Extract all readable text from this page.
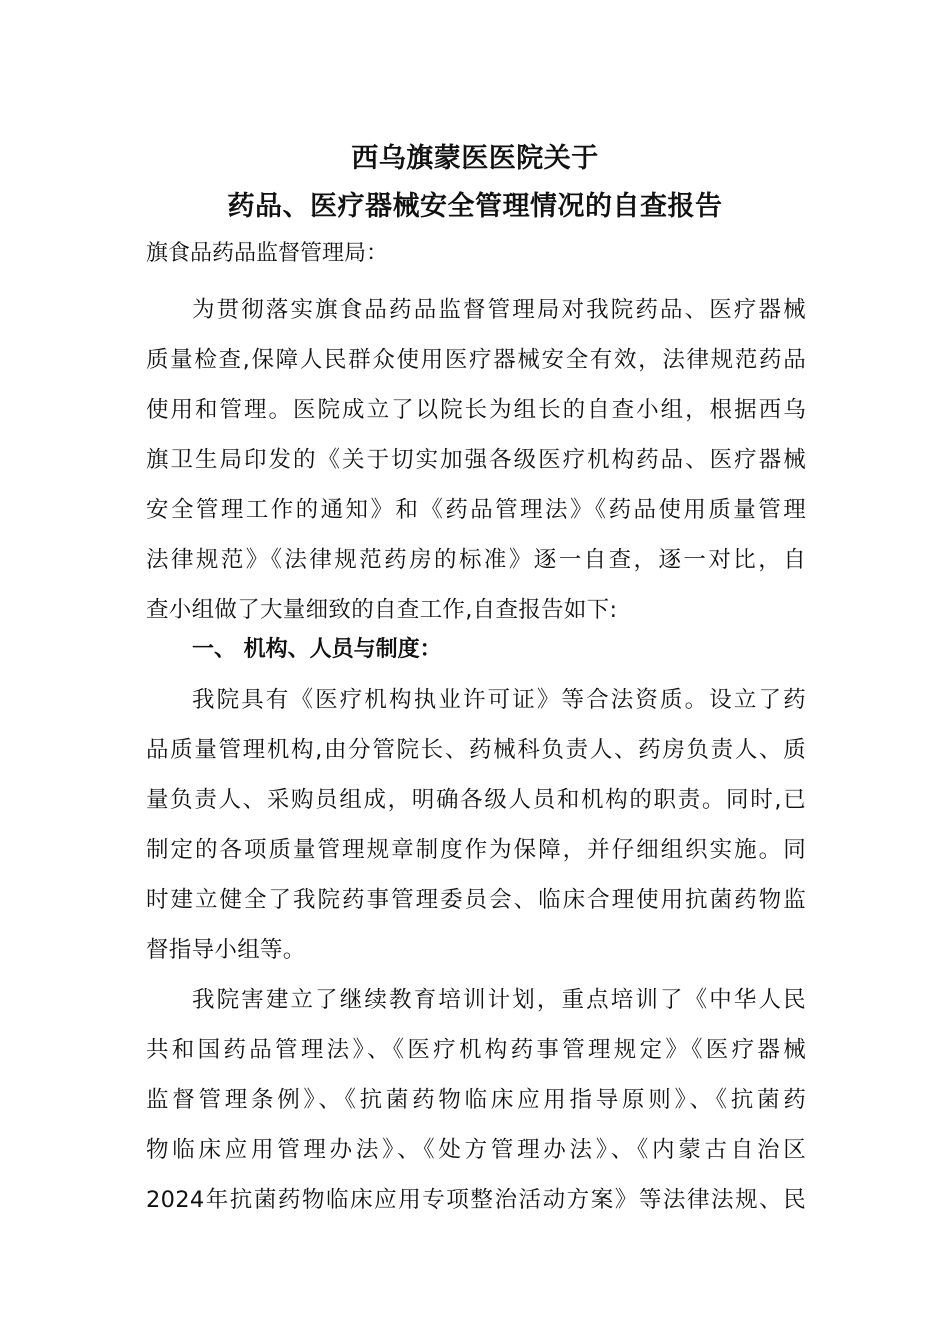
西乌旗蒙医医院关于
药品、医疗器械安全管理情况的自查报告
旗食品药品监督管理局：
为贯彻落实旗食品药品监督管理局对我院药品、医疗器械
质量检查,保障人民群众使用医疗器械安全有效，法律规范药品
使用和管理。医院成立了以院长为组长的自查小组，根据西乌
旗卫生局印发的《关于切实加强各级医疗机构药品、医疗器械
安全管理工作的通知》和《药品管理法》《药品使用质量管理
法律规范》《法律规范药房的标准》逐一自查，逐一对比，自
查小组做了大量细致的自查工作,自查报告如下:
一、 机构、人员与制度：
我院具有《医疗机构执业许可证》等合法资质。设立了药
品质量管理机构,由分管院长、药械科负责人、药房负责人、质
量负责人、采购员组成，明确各级人员和机构的职责。同时,已
制定的各项质量管理规章制度作为保障，并仔细组织实施。同
时建立健全了我院药事管理委员会、临床合理使用抗菌药物监
督指导小组等。
我院害建立了继续教育培训计划，重点培训了《中华人民
共和国药品管理法》、《医疗机构药事管理规定》《医疗器械
监督管理条例》、《抗菌药物临床应用指导原则》、《抗菌药
物临床应用管理办法》、《处方管理办法》、《内蒙古自治区
2024年抗菌药物临床应用专项整治活动方案》等法律法规、民
